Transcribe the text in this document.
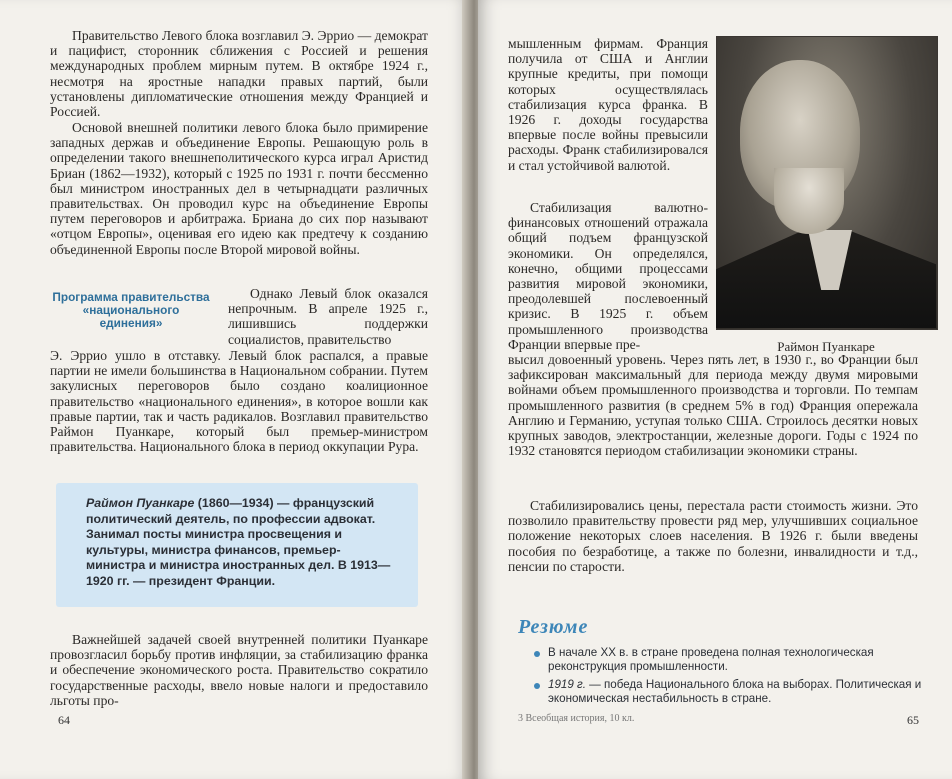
Правительство Левого блока возглавил Э. Эррио — демократ и пацифист, сторонник сближения с Россией и решения международных проблем мирным путем. В октябре 1924 г., несмотря на яростные нападки правых партий, были установлены дипломатические отношения между Францией и Россией.

Основой внешней политики левого блока было примирение западных держав и объединение Европы. Решающую роль в определении такого внешнеполитического курса играл Аристид Бриан (1862—1932), который с 1925 по 1931 г. почти бессменно был министром иностранных дел в четырнадцати различных правительствах. Он проводил курс на объединение Европы путем переговоров и арбитража. Бриана до сих пор называют «отцом Европы», оценивая его идею как предтечу к созданию объединенной Европы после Второй мировой войны.

Программа правительства «национального единения»

Однако Левый блок оказался непрочным. В апреле 1925 г., лишившись поддержки социалистов, правительство

Э. Эррио ушло в отставку. Левый блок распался, а правые партии не имели большинства в Национальном собрании. Путем закулисных переговоров было создано коалиционное правительство «национального единения», в которое вошли как правые партии, так и часть радикалов. Возглавил правительство Раймон Пуанкаре, который был премьер-министром правительства. Национального блока в период оккупации Рура.

Раймон Пуанкаре (1860—1934) — французский политический деятель, по профессии адвокат. Занимал посты министра просвещения и культуры, министра финансов, премьер-министра и министра иностранных дел. В 1913—1920 гг. — президент Франции.

Важнейшей задачей своей внутренней политики Пуанкаре провозгласил борьбу против инфляции, за стабилизацию франка и обеспечение экономического роста. Правительство сократило государственные расходы, ввело новые налоги и предоставило льготы про-

64

мышленным фирмам. Франция получила от США и Англии крупные кредиты, при помощи которых осуществлялась стабилизация курса франка. В 1926 г. доходы государства впервые после войны превысили расходы. Франк стабилизировался и стал устойчивой валютой.

Стабилизация валютно-финансовых отношений отражала общий подъем французской экономики. Он определялся, конечно, общими процессами развития мировой экономики, преодолевшей послевоенный кризис. В 1925 г. объем промышленного производства Франции впервые пре-	Раймон Пуанкаре

высил довоенный уровень. Через пять лет, в 1930 г., во Франции был зафиксирован максимальный для периода между двумя мировыми войнами объем промышленного производства и торговли. По темпам промышленного развития (в среднем 5% в год) Франция опережала Англию и Германию, уступая только США. Строилось десятки новых крупных заводов, электростанции, железные дороги. Годы с 1924 по 1932 становятся периодом стабилизации экономики страны.

Стабилизировались цены, перестала расти стоимость жизни. Это позволило правительству провести ряд мер, улучшивших социальное положение некоторых слоев населения. В 1926 г. были введены пособия по безработице, а также по болезни, инвалидности и т.д., пенсии по старости.

Резюме
В начале XX в. в стране проведена полная технологическая реконструкция промышленности.
1919 г. — победа Национального блока на выборах. Политическая и экономическая нестабильность в стране.
3 Всеобщая история, 10 кл.	65
